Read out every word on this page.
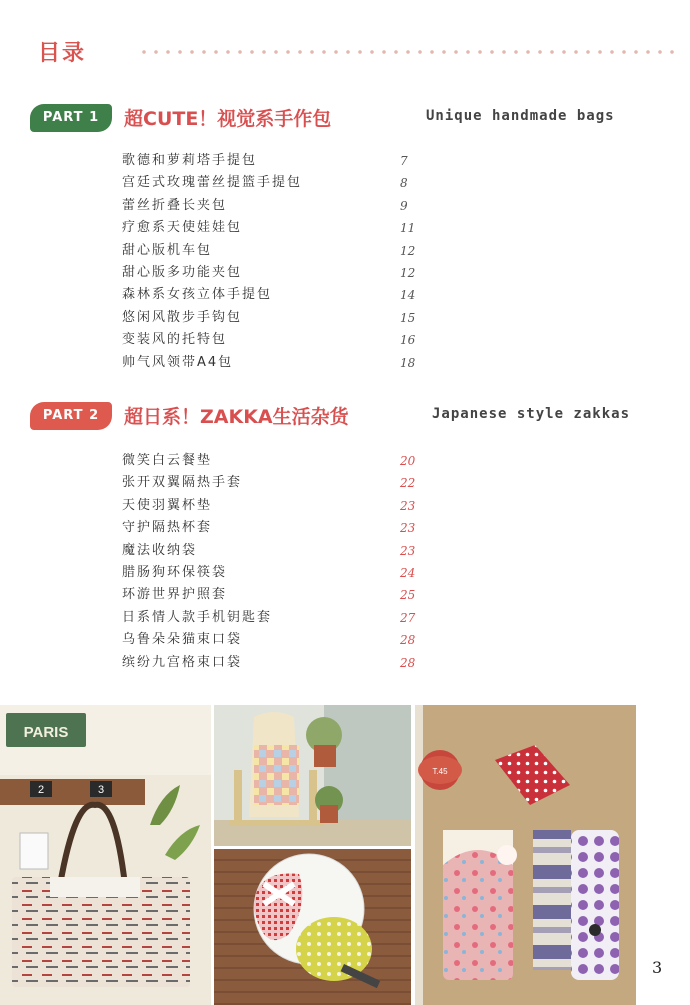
目录
PART 1	超CUTE！视觉系手作包	Unique handmade bags
歌德和萝莉塔手提包	7
宫廷式玫瑰蕾丝提篮手提包	8
蕾丝折叠长夹包	9
疗愈系天使娃娃包	11
甜心版机车包	12
甜心版多功能夹包	12
森林系女孩立体手提包	14
悠闲风散步手钩包	15
变装风的托特包	16
帅气风领带A4包	18
PART 2	超日系！ZAKKA生活杂货	Japanese style zakkas
微笑白云餐垫	20
张开双翼隔热手套	22
天使羽翼杯垫	23
守护隔热杯套	23
魔法收纳袋	23
腊肠狗环保筷袋	24
环游世界护照套	25
日系情人款手机钥匙套	27
乌鲁朵朵猫束口袋	28
缤纷九宫格束口袋	28
PARIS
2	3
T.45
3
